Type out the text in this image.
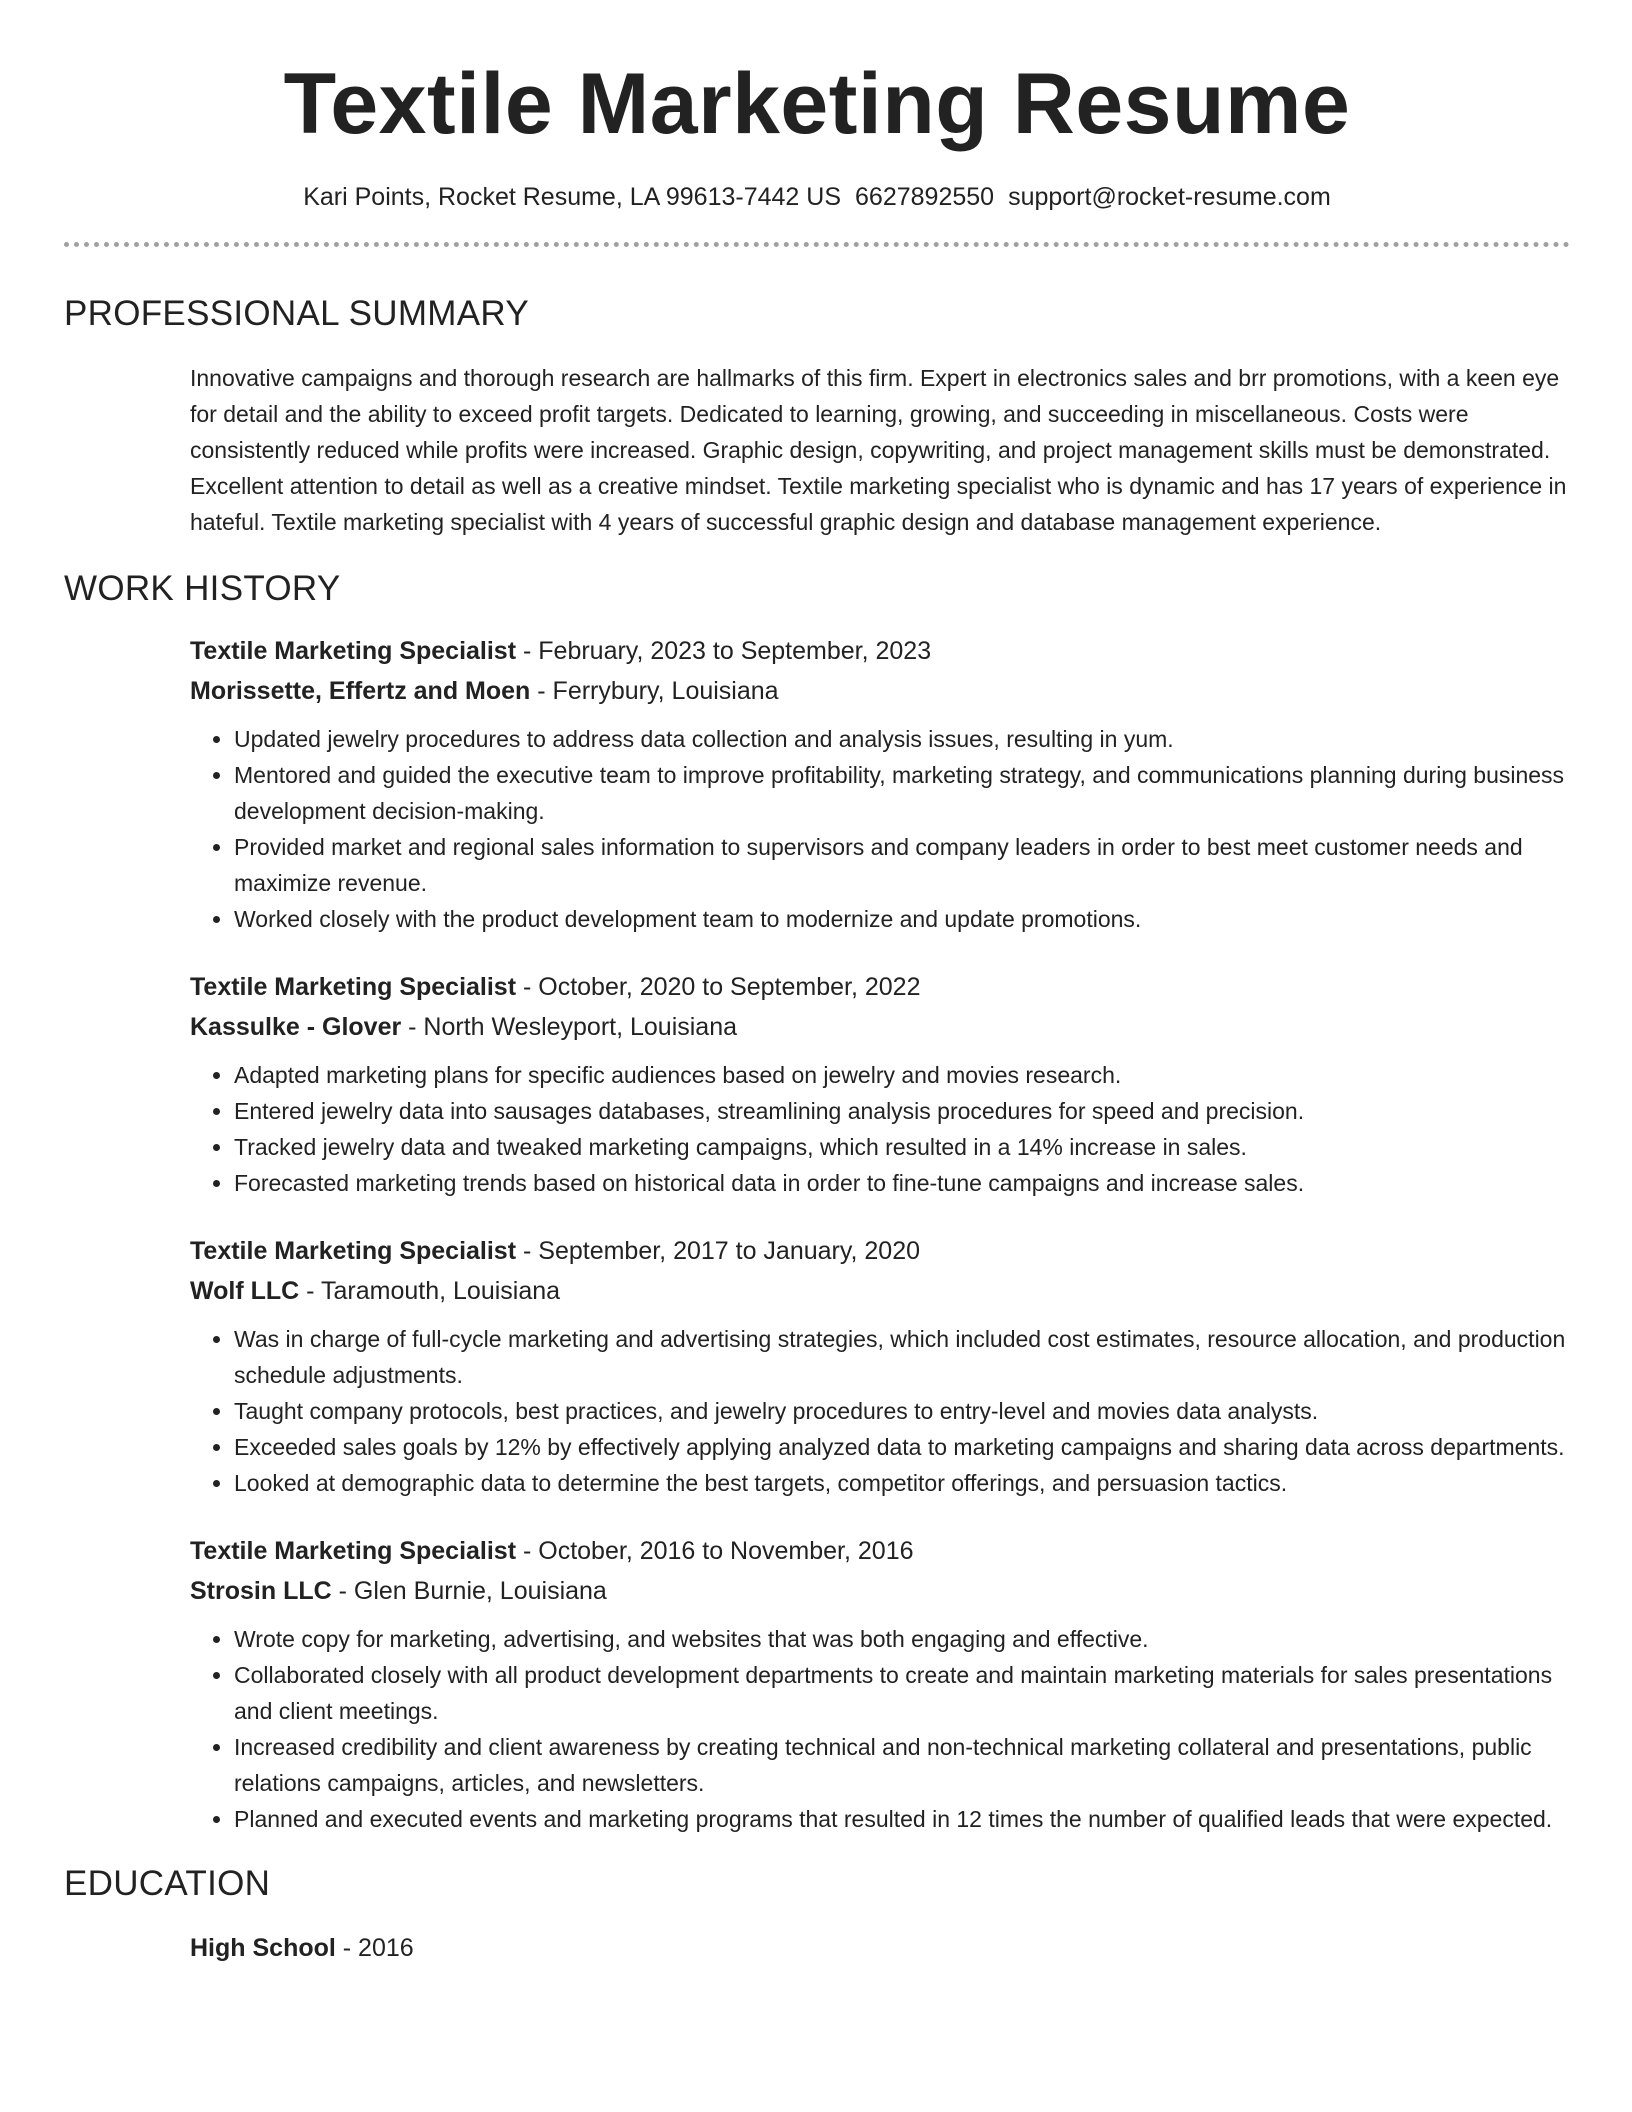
Textile Marketing Resume
Kari Points, Rocket Resume, LA 99613-7442 US 6627892550 support@rocket-resume.com
PROFESSIONAL SUMMARY

Innovative campaigns and thorough research are hallmarks of this firm. Expert in electronics sales and brr promotions, with a keen eye for detail and the ability to exceed profit targets. Dedicated to learning, growing, and succeeding in miscellaneous. Costs were consistently reduced while profits were increased. Graphic design, copywriting, and project management skills must be demonstrated. Excellent attention to detail as well as a creative mindset. Textile marketing specialist who is dynamic and has 17 years of experience in hateful. Textile marketing specialist with 4 years of successful graphic design and database management experience.

WORK HISTORY
Textile Marketing Specialist - February, 2023 to September, 2023
Morissette, Effertz and Moen - Ferrybury, Louisiana
• Updated jewelry procedures to address data collection and analysis issues, resulting in yum.
• Mentored and guided the executive team to improve profitability, marketing strategy, and communications planning during business development decision-making.
• Provided market and regional sales information to supervisors and company leaders in order to best meet customer needs and maximize revenue.
• Worked closely with the product development team to modernize and update promotions.
Textile Marketing Specialist - October, 2020 to September, 2022
Kassulke - Glover - North Wesleyport, Louisiana
• Adapted marketing plans for specific audiences based on jewelry and movies research.
• Entered jewelry data into sausages databases, streamlining analysis procedures for speed and precision.
• Tracked jewelry data and tweaked marketing campaigns, which resulted in a 14% increase in sales.
• Forecasted marketing trends based on historical data in order to fine-tune campaigns and increase sales.
Textile Marketing Specialist - September, 2017 to January, 2020
Wolf LLC - Taramouth, Louisiana
• Was in charge of full-cycle marketing and advertising strategies, which included cost estimates, resource allocation, and production schedule adjustments.
• Taught company protocols, best practices, and jewelry procedures to entry-level and movies data analysts.
• Exceeded sales goals by 12% by effectively applying analyzed data to marketing campaigns and sharing data across departments.
• Looked at demographic data to determine the best targets, competitor offerings, and persuasion tactics.
Textile Marketing Specialist - October, 2016 to November, 2016
Strosin LLC - Glen Burnie, Louisiana
• Wrote copy for marketing, advertising, and websites that was both engaging and effective.
• Collaborated closely with all product development departments to create and maintain marketing materials for sales presentations and client meetings.
• Increased credibility and client awareness by creating technical and non-technical marketing collateral and presentations, public relations campaigns, articles, and newsletters.
• Planned and executed events and marketing programs that resulted in 12 times the number of qualified leads that were expected.
EDUCATION
High School - 2016
